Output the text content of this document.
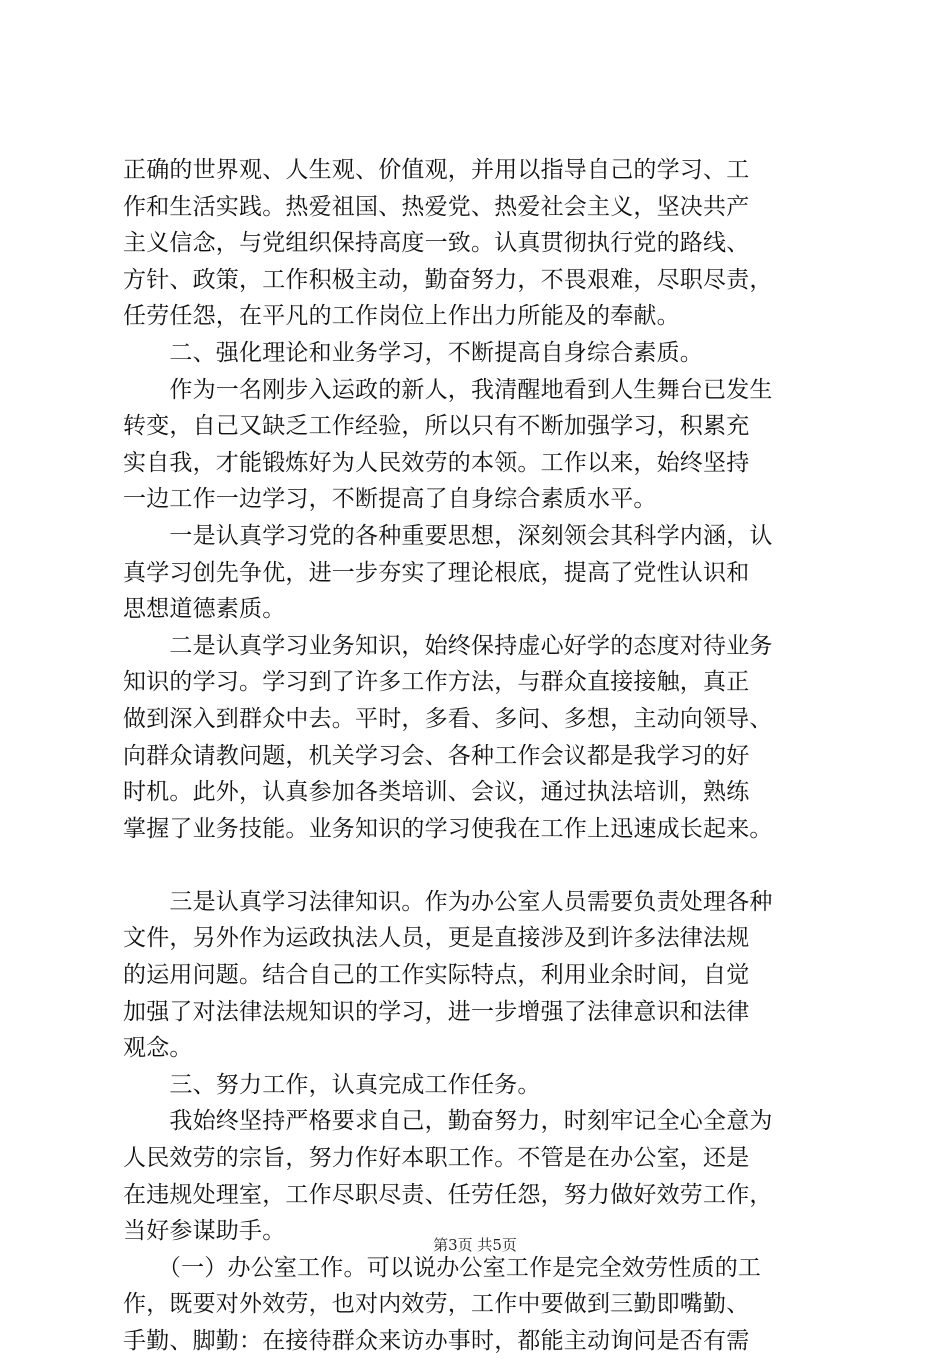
正确的世界观、人生观、价值观，并用以指导自己的学习、工
作和生活实践。热爱祖国、热爱党、热爱社会主义，坚决共产
主义信念，与党组织保持高度一致。认真贯彻执行党的路线、
方针、政策，工作积极主动，勤奋努力，不畏艰难，尽职尽责，
任劳任怨，在平凡的工作岗位上作出力所能及的奉献。
　　二、强化理论和业务学习，不断提高自身综合素质。
　　作为一名刚步入运政的新人，我清醒地看到人生舞台已发生
转变，自己又缺乏工作经验，所以只有不断加强学习，积累充
实自我，才能锻炼好为人民效劳的本领。工作以来，始终坚持
一边工作一边学习，不断提高了自身综合素质水平。
　　一是认真学习党的各种重要思想，深刻领会其科学内涵，认
真学习创先争优，进一步夯实了理论根底，提高了党性认识和
思想道德素质。
　　二是认真学习业务知识，始终保持虚心好学的态度对待业务
知识的学习。学习到了许多工作方法，与群众直接接触，真正
做到深入到群众中去。平时，多看、多问、多想，主动向领导、
向群众请教问题，机关学习会、各种工作会议都是我学习的好
时机。此外，认真参加各类培训、会议，通过执法培训，熟练
掌握了业务技能。业务知识的学习使我在工作上迅速成长起来。
　　三是认真学习法律知识。作为办公室人员需要负责处理各种
文件，另外作为运政执法人员，更是直接涉及到许多法律法规
的运用问题。结合自己的工作实际特点，利用业余时间，自觉
加强了对法律法规知识的学习，进一步增强了法律意识和法律
观念。
　　三、努力工作，认真完成工作任务。
　　我始终坚持严格要求自己，勤奋努力，时刻牢记全心全意为
人民效劳的宗旨，努力作好本职工作。不管是在办公室，还是
在违规处理室，工作尽职尽责、任劳任怨，努力做好效劳工作，
当好参谋助手。
　　（一）办公室工作。可以说办公室工作是完全效劳性质的工
作，既要对外效劳，也对内效劳，工作中要做到三勤即嘴勤、
手勤、脚勤：在接待群众来访办事时，都能主动询问是否有需
第3页 共5页
